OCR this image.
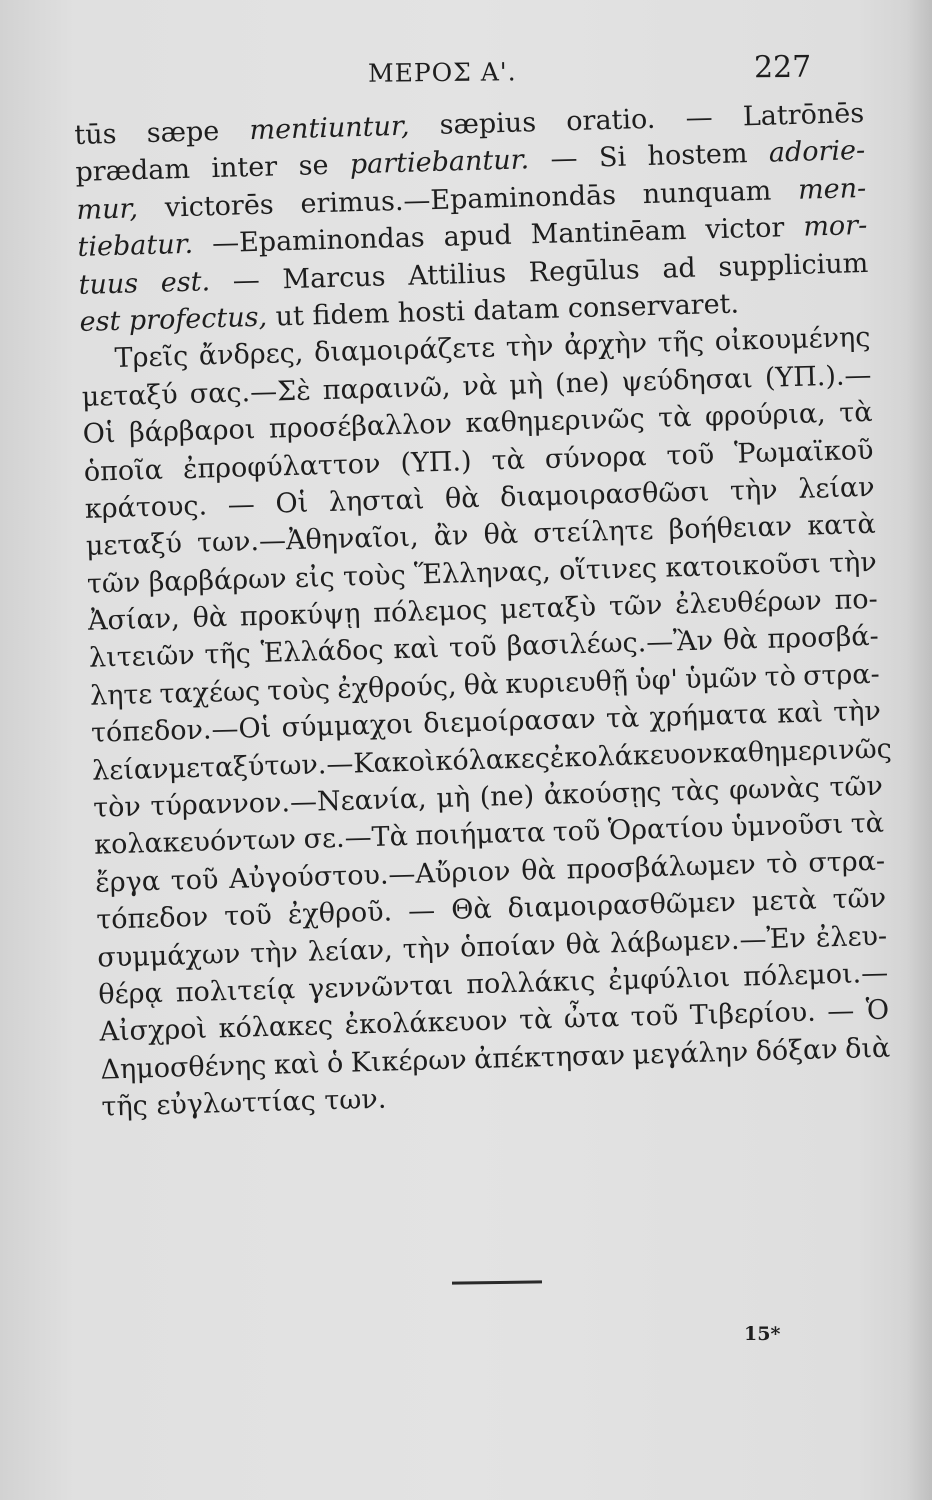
ΜΕΡΟΣ Α'.	227
tūs sæpe mentiuntur, sæpius oratio. — Latrōnēs
prædam inter se partiebantur. — Si hostem adorie-
mur, victorēs erimus.—Epaminondās nunquam men-
tiebatur. —Epaminondas apud Mantinēam victor mor-
tuus est. — Marcus Attilius Regūlus ad supplicium
est profectus, ut fidem hosti datam conservaret.
Τρεῖς ἄνδρες, διαμοιράζετε τὴν ἀρχὴν τῆς οἰκουμένης
μεταξύ σας.—Σὲ παραινῶ, νὰ μὴ (ne) ψεύδησαι (ΥΠ.).—
Οἱ βάρβαροι προσέβαλλον καθημερινῶς τὰ φρούρια, τὰ
ὁποῖα ἐπροφύλαττον (ΥΠ.) τὰ σύνορα τοῦ Ῥωμαϊκοῦ
κράτους. — Οἱ λησταὶ θὰ διαμοιρασθῶσι τὴν λείαν
μεταξύ των.—Ἀθηναῖοι, ἂν θὰ στείλητε βοήθειαν κατὰ
τῶν βαρβάρων εἰς τοὺς Ἕλληνας, οἵτινες κατοικοῦσι τὴν
Ἀσίαν, θὰ προκύψῃ πόλεμος μεταξὺ τῶν ἐλευθέρων πο-
λιτειῶν τῆς Ἑλλάδος καὶ τοῦ βασιλέως.—Ἂν θὰ προσβά-
λητε ταχέως τοὺς ἐχθρούς, θὰ κυριευθῇ ὑφ' ὑμῶν τὸ στρα-
τόπεδον.—Οἱ σύμμαχοι διεμοίρασαν τὰ χρήματα καὶ τὴν
λείαν μεταξύ των.—Κακοὶ κόλακες ἐκολάκευον καθημερινῶς
τὸν τύραννον.—Νεανία, μὴ (ne) ἀκούσῃς τὰς φωνὰς τῶν
κολακευόντων σε.—Τὰ ποιήματα τοῦ Ὁρατίου ὑμνοῦσι τὰ
ἔργα τοῦ Αὐγούστου.—Αὔριον θὰ προσβάλωμεν τὸ στρα-
τόπεδον τοῦ ἐχθροῦ. — Θὰ διαμοιρασθῶμεν μετὰ τῶν
συμμάχων τὴν λείαν, τὴν ὁποίαν θὰ λάβωμεν.—Ἐν ἐλευ-
θέρᾳ πολιτείᾳ γεννῶνται πολλάκις ἐμφύλιοι πόλεμοι.—
Αἰσχροὶ κόλακες ἐκολάκευον τὰ ὦτα τοῦ Τιβερίου. — Ὁ
Δημοσθένης καὶ ὁ Κικέρων ἀπέκτησαν μεγάλην δόξαν διὰ
τῆς εὐγλωττίας των.
15*
